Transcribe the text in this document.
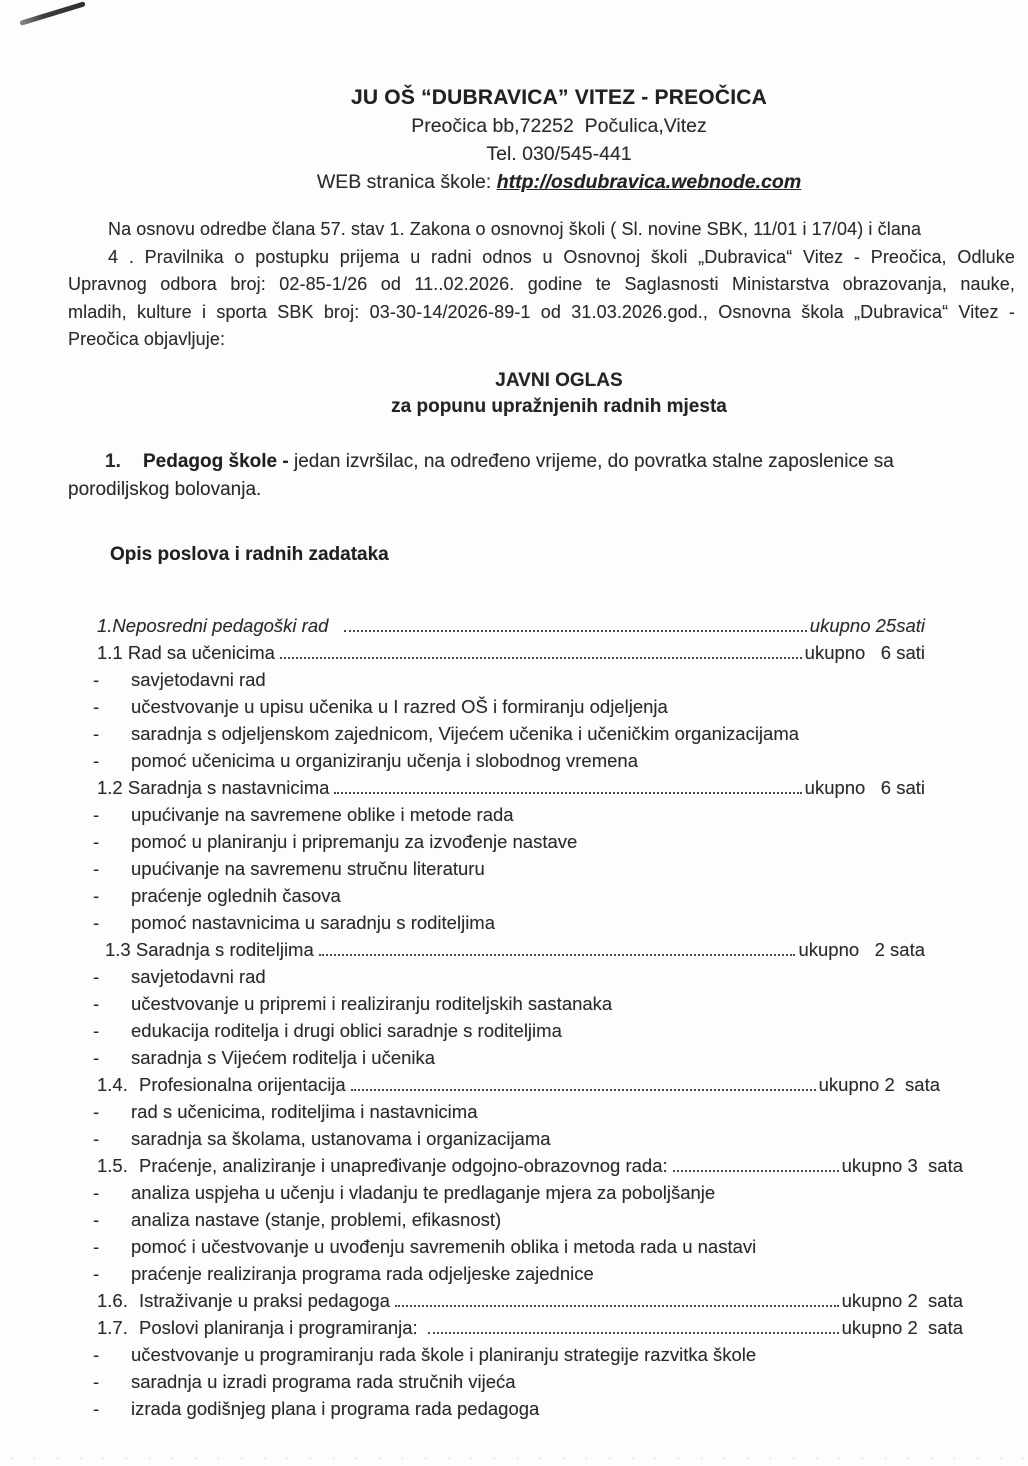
JU OŠ “DUBRAVICA” VITEZ - PREOČICA
Preočica bb,72252  Počulica,Vitez
Tel. 030/545-441
WEB stranica škole: http://osdubravica.webnode.com
Na osnovu odredbe člana 57. stav 1. Zakona o osnovnoj školi ( Sl. novine SBK, 11/01 i 17/04) i člana
4 . Pravilnika o postupku prijema u radni odnos u Osnovnoj školi „Dubravica“ Vitez - Preočica, Odluke
Upravnog odbora broj: 02-85-1/26 od 11..02.2026. godine te Saglasnosti Ministarstva obrazovanja, nauke,
mladih, kulture i sporta SBK broj: 03-30-14/2026-89-1 od 31.03.2026.god., Osnovna škola „Dubravica“ Vitez -
Preočica objavljuje:
JAVNI OGLAS
za popunu upražnjenih radnih mjesta

1. Pedagog škole - jedan izvršilac, na određeno vrijeme, do povratka stalne zaposlenice sa porodiljskog bolovanja.

Opis poslova i radnih zadataka
1.Neposredni pedagoški rad	ukupno 25sati
1.1 Rad sa učenicima	ukupno   6 sati
-	savjetodavni rad
-	učestvovanje u upisu učenika u I razred OŠ i formiranju odjeljenja
-	saradnja s odjeljenskom zajednicom, Vijećem učenika i učeničkim organizacijama
-	pomoć učenicima u organiziranju učenja i slobodnog vremena
1.2 Saradnja s nastavnicima	ukupno   6 sati
-	upućivanje na savremene oblike i metode rada
-	pomoć u planiranju i pripremanju za izvođenje nastave
-	upućivanje na savremenu stručnu literaturu
-	praćenje oglednih časova
-	pomoć nastavnicima u saradnju s roditeljima
1.3 Saradnja s roditeljima	ukupno   2 sata
-	savjetodavni rad
-	učestvovanje u pripremi i realiziranju roditeljskih sastanaka
-	edukacija roditelja i drugi oblici saradnje s roditeljima
-	saradnja s Vijećem roditelja i učenika
1.4. Profesionalna orijentacija	ukupno 2  sata
-	rad s učenicima, roditeljima i nastavnicima
-	saradnja sa školama, ustanovama i organizacijama
1.5. Praćenje, analiziranje i unapređivanje odgojno-obrazovnog rada:	ukupno 3  sata
-	analiza uspjeha u učenju i vladanju te predlaganje mjera za poboljšanje
-	analiza nastave (stanje, problemi, efikasnost)
-	pomoć i učestvovanje u uvođenju savremenih oblika i metoda rada u nastavi
-	praćenje realiziranja programa rada odjeljeske zajednice
1.6. Istraživanje u praksi pedagoga	ukupno 2  sata
1.7. Poslovi planiranja i programiranja:	ukupno 2  sata
-	učestvovanje u programiranju rada škole i planiranju strategije razvitka škole
-	saradnja u izradi programa rada stručnih vijeća
-	izrada godišnjeg plana i programa rada pedagoga
